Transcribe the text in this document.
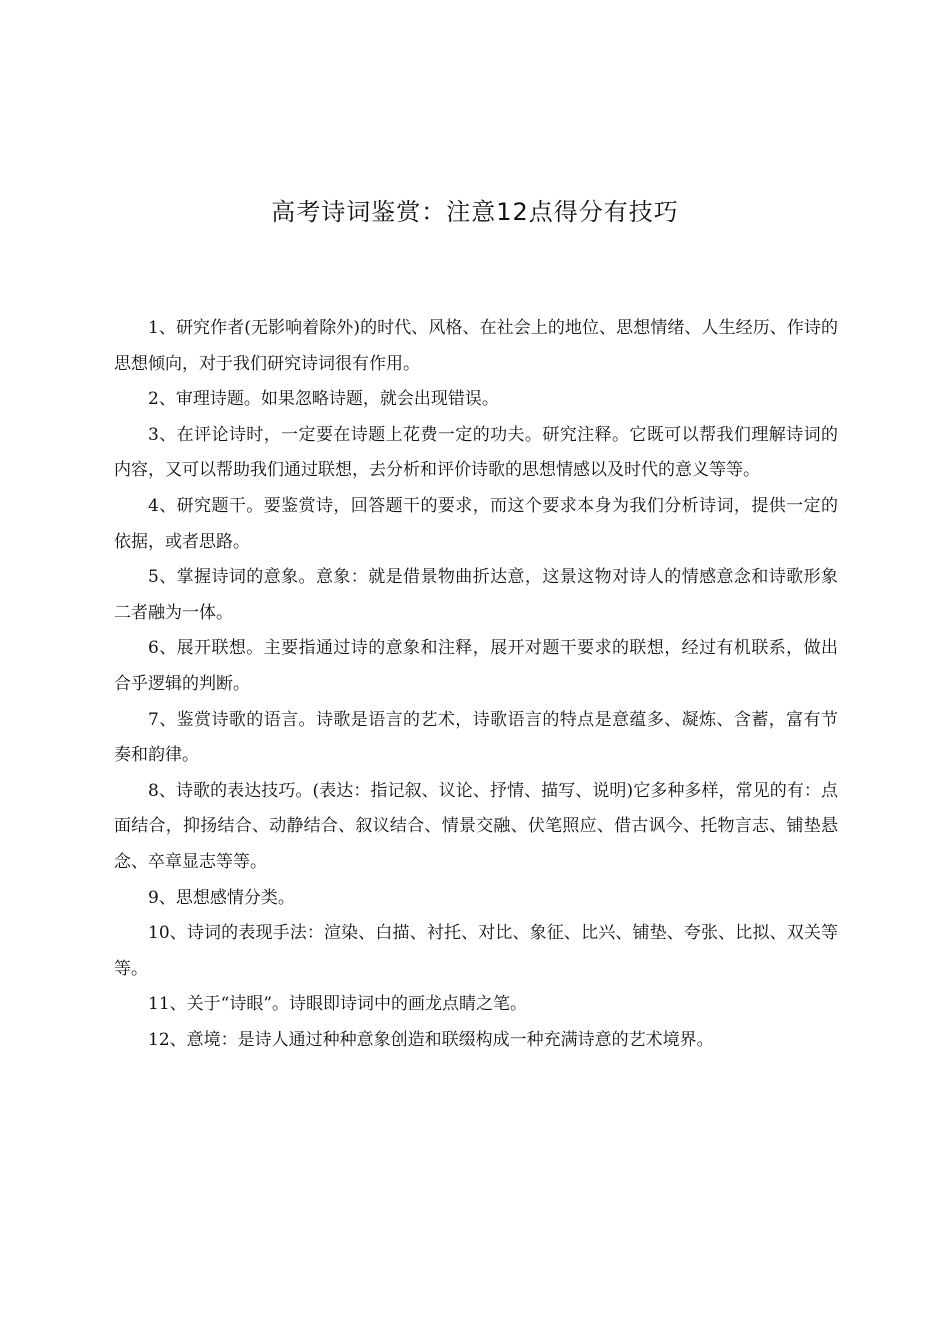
高考诗词鉴赏：注意12点得分有技巧

1、研究作者(无影响着除外)的时代、风格、在社会上的地位、思想情绪、人生经历、作诗的思想倾向，对于我们研究诗词很有作用。

2、审理诗题。如果忽略诗题，就会出现错误。

3、在评论诗时，一定要在诗题上花费一定的功夫。研究注释。它既可以帮我们理解诗词的内容，又可以帮助我们通过联想，去分析和评价诗歌的思想情感以及时代的意义等等。

4、研究题干。要鉴赏诗，回答题干的要求，而这个要求本身为我们分析诗词，提供一定的依据，或者思路。

5、掌握诗词的意象。意象：就是借景物曲折达意，这景这物对诗人的情感意念和诗歌形象二者融为一体。

6、展开联想。主要指通过诗的意象和注释，展开对题干要求的联想，经过有机联系，做出合乎逻辑的判断。

7、鉴赏诗歌的语言。诗歌是语言的艺术，诗歌语言的特点是意蕴多、凝炼、含蓄，富有节奏和韵律。

8、诗歌的表达技巧。(表达：指记叙、议论、抒情、描写、说明)它多种多样，常见的有：点面结合，抑扬结合、动静结合、叙议结合、情景交融、伏笔照应、借古讽今、托物言志、铺垫悬念、卒章显志等等。

9、思想感情分类。

10、诗词的表现手法：渲染、白描、衬托、对比、象征、比兴、铺垫、夸张、比拟、双关等等。

11、关于“诗眼”。诗眼即诗词中的画龙点睛之笔。

12、意境：是诗人通过种种意象创造和联缀构成一种充满诗意的艺术境界。
